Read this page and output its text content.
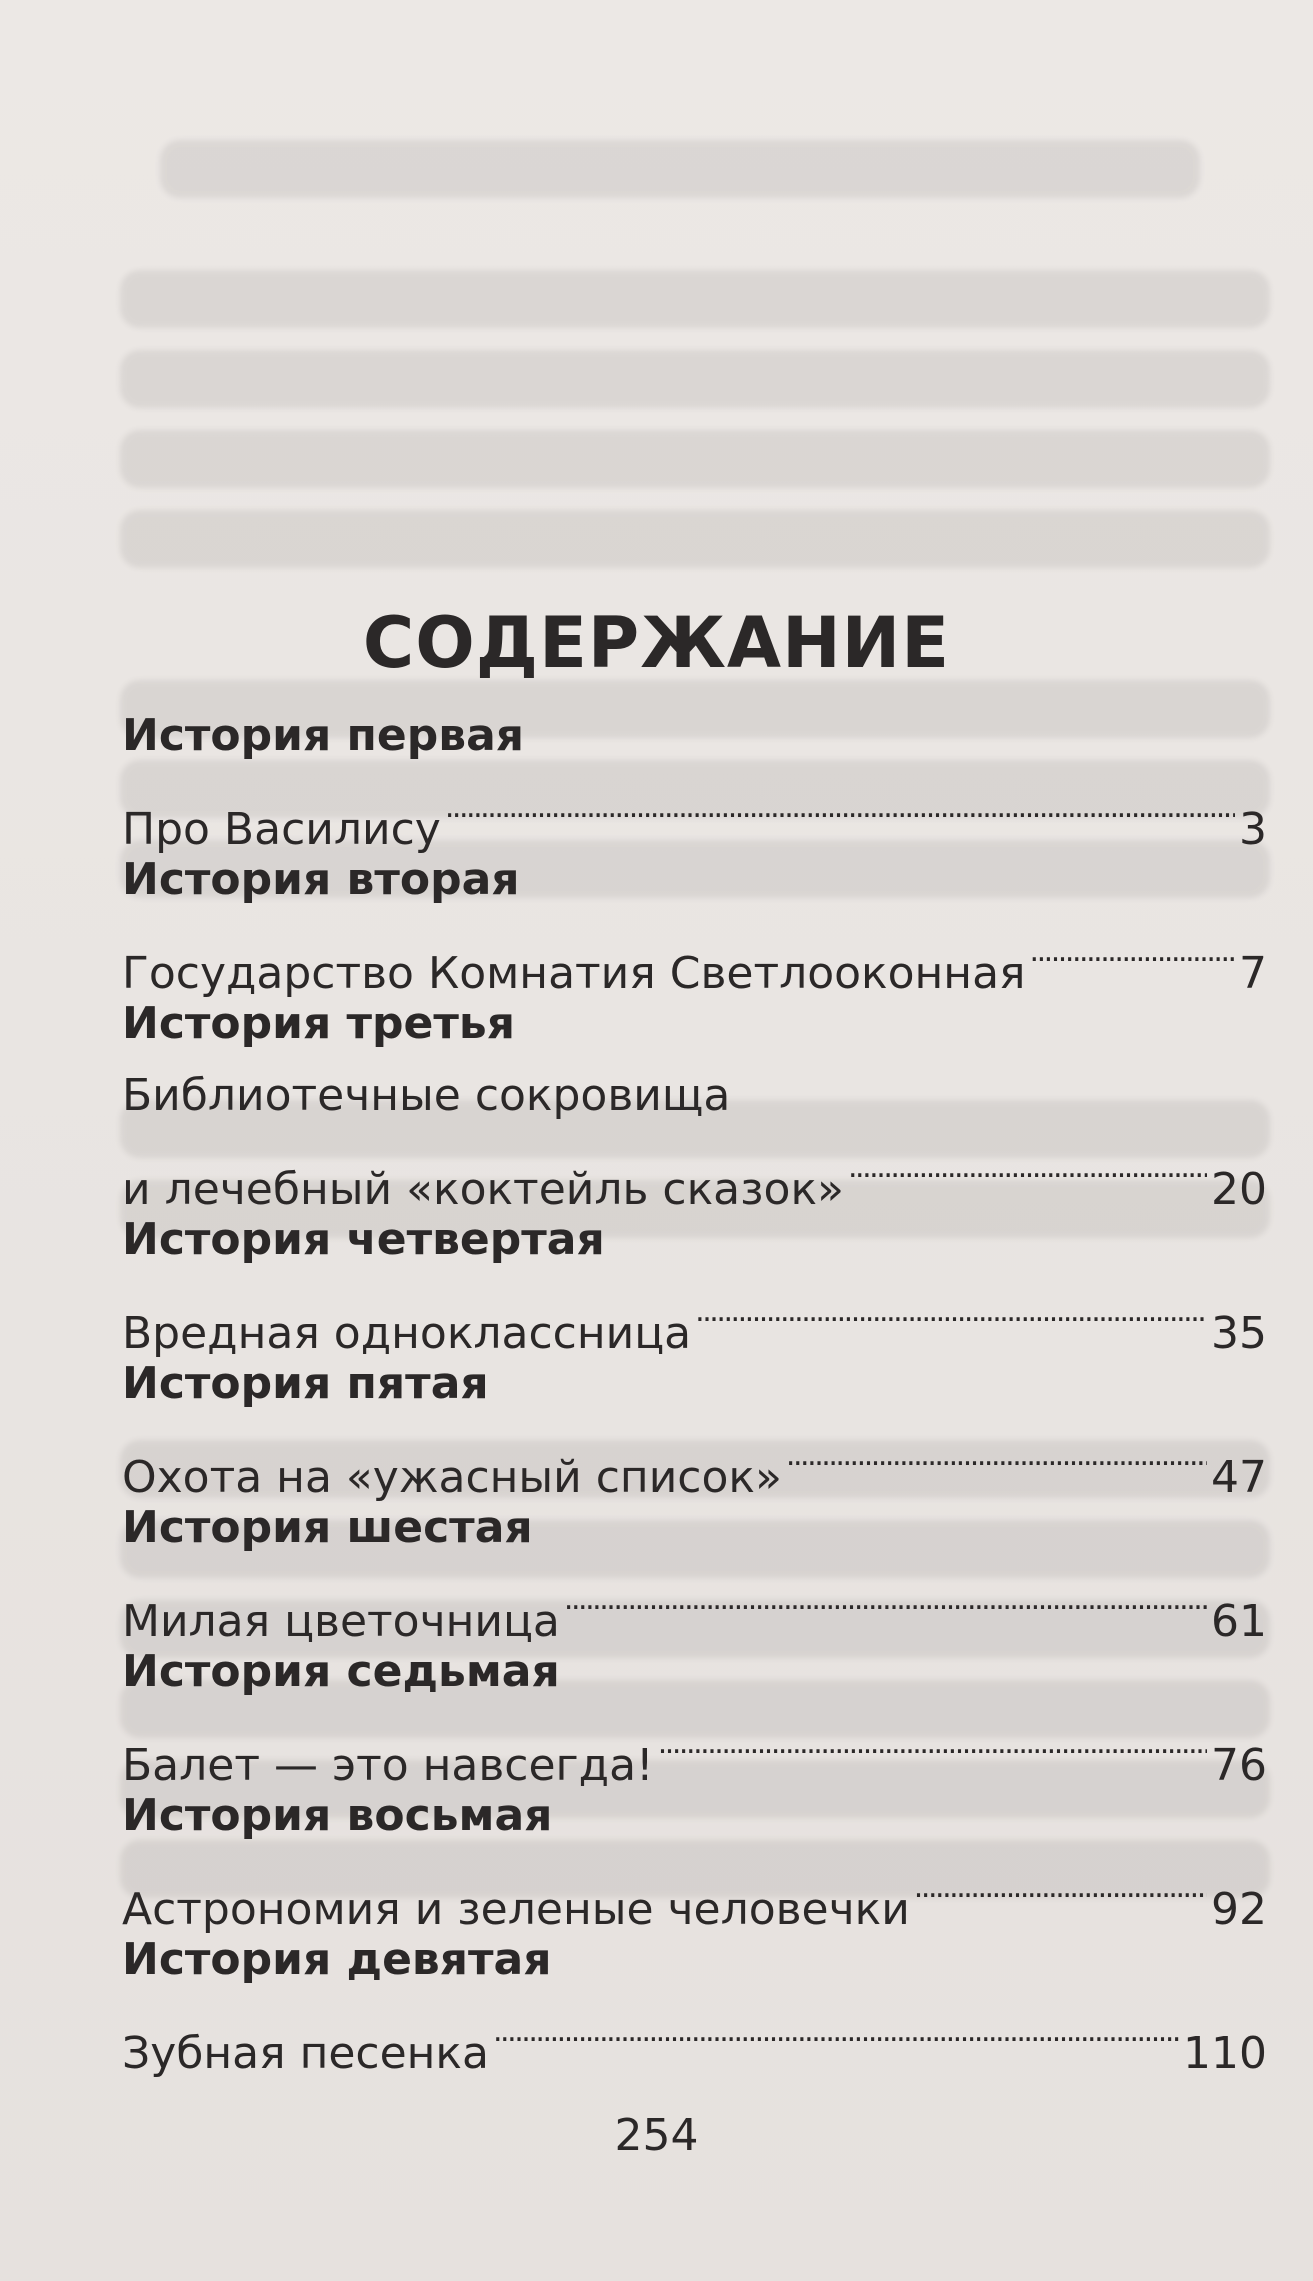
СОДЕРЖАНИЕ
История первая
Про Василису . . .	3
История вторая
Государство Комнатия Светлооконная . . .	7
История третья
Библиотечные сокровища
и лечебный «коктейль сказок» . . .	20
История четвертая
Вредная одноклассница . . .	35
История пятая
Охота на «ужасный список» . . .	47
История шестая
Милая цветочница . . .	61
История седьмая
Балет — это навсегда! . . .	76
История восьмая
Астрономия и зеленые человечки . . .	92
История девятая
Зубная песенка . . .	110
254
